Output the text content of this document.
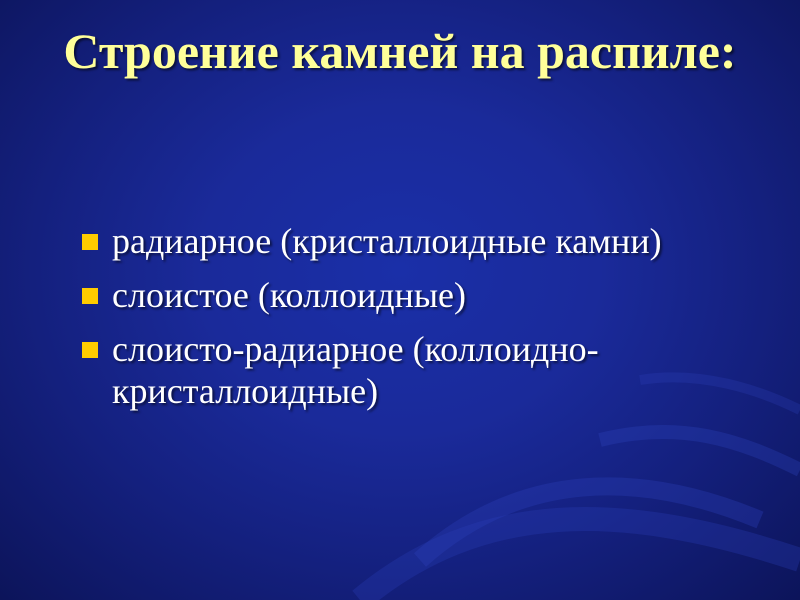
Строение камней на распиле:
радиарное (кристаллоидные камни)
слоистое (коллоидные)
слоисто-радиарное (коллоидно-кристаллоидные)
